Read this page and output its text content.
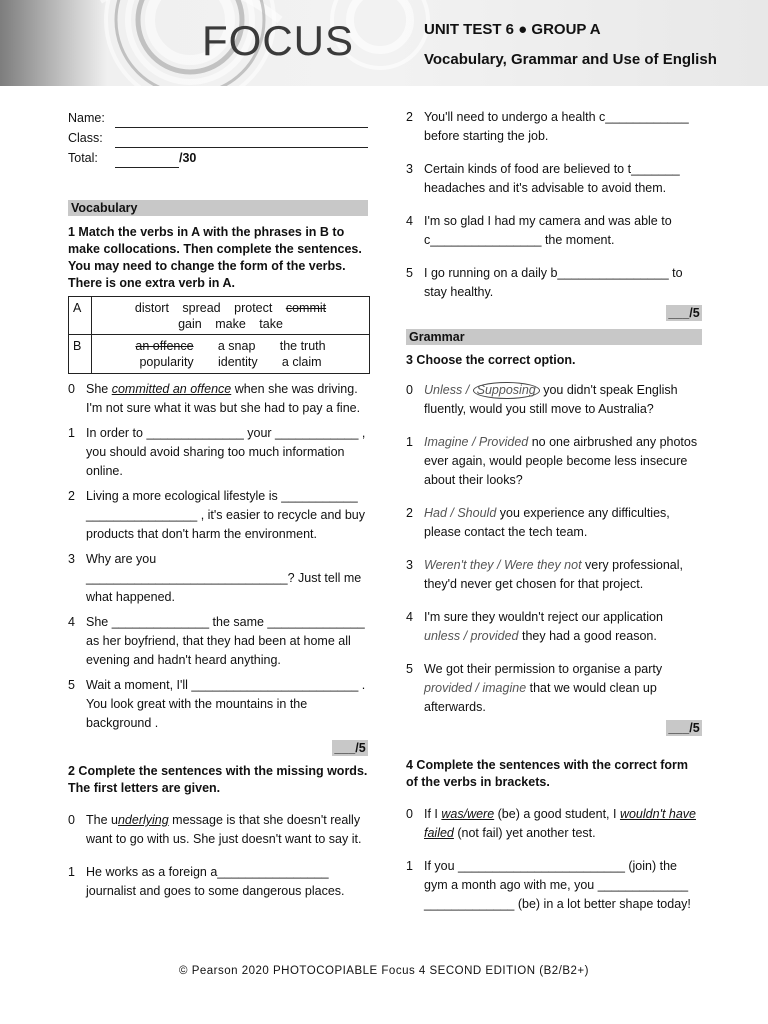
FOCUS	UNIT TEST 6 ● GROUP A
Vocabulary, Grammar and Use of English
Name:
Class:
Total:	/30
Vocabulary
1 Match the verbs in A with the phrases in B to make collocations. Then complete the sentences. You may need to change the form of the verbs. There is one extra verb in A.
A	distort spread protect commit
gain make take
B	an offence a snap the truth
popularity identity a claim
0 She committed an offence when she was driving. I'm not sure what it was but she had to pay a fine.
1 In order to ______________ your ____________ , you should avoid sharing too much information online.
2 Living a more ecological lifestyle is ___________ ________________ , it's easier to recycle and buy products that don't harm the environment.
3 Why are you _____________________________? Just tell me what happened.
4 She ______________ the same ______________ as her boyfriend, that they had been at home all evening and hadn't heard anything.
5 Wait a moment, I'll ________________________ . You look great with the mountains in the background .
___/5
2 Complete the sentences with the missing words. The first letters are given.
0 The underlying message is that she doesn't really want to go with us. She just doesn't want to say it.
1 He works as a foreign a________________ journalist and goes to some dangerous places.
2 You'll need to undergo a health c____________ before starting the job.
3 Certain kinds of food are believed to t_______ headaches and it's advisable to avoid them.
4 I'm so glad I had my camera and was able to c________________ the moment.
5 I go running on a daily b________________ to stay healthy.
___/5
Grammar
3 Choose the correct option.
0 Unless / Supposing you didn't speak English fluently, would you still move to Australia?
1 Imagine / Provided no one airbrushed any photos ever again, would people become less insecure about their looks?
2 Had / Should you experience any difficulties, please contact the tech team.
3 Weren't they / Were they not very professional, they'd never get chosen for that project.
4 I'm sure they wouldn't reject our application unless / provided they had a good reason.
5 We got their permission to organise a party provided / imagine that we would clean up afterwards.
___/5
4 Complete the sentences with the correct form of the verbs in brackets.
0 If I was/were (be) a good student, I wouldn't have failed (not fail) yet another test.
1 If you ________________________ (join) the gym a month ago with me, you _____________ _____________ (be) in a lot better shape today!
© Pearson 2020 PHOTOCOPIABLE Focus 4 SECOND EDITION (B2/B2+)
